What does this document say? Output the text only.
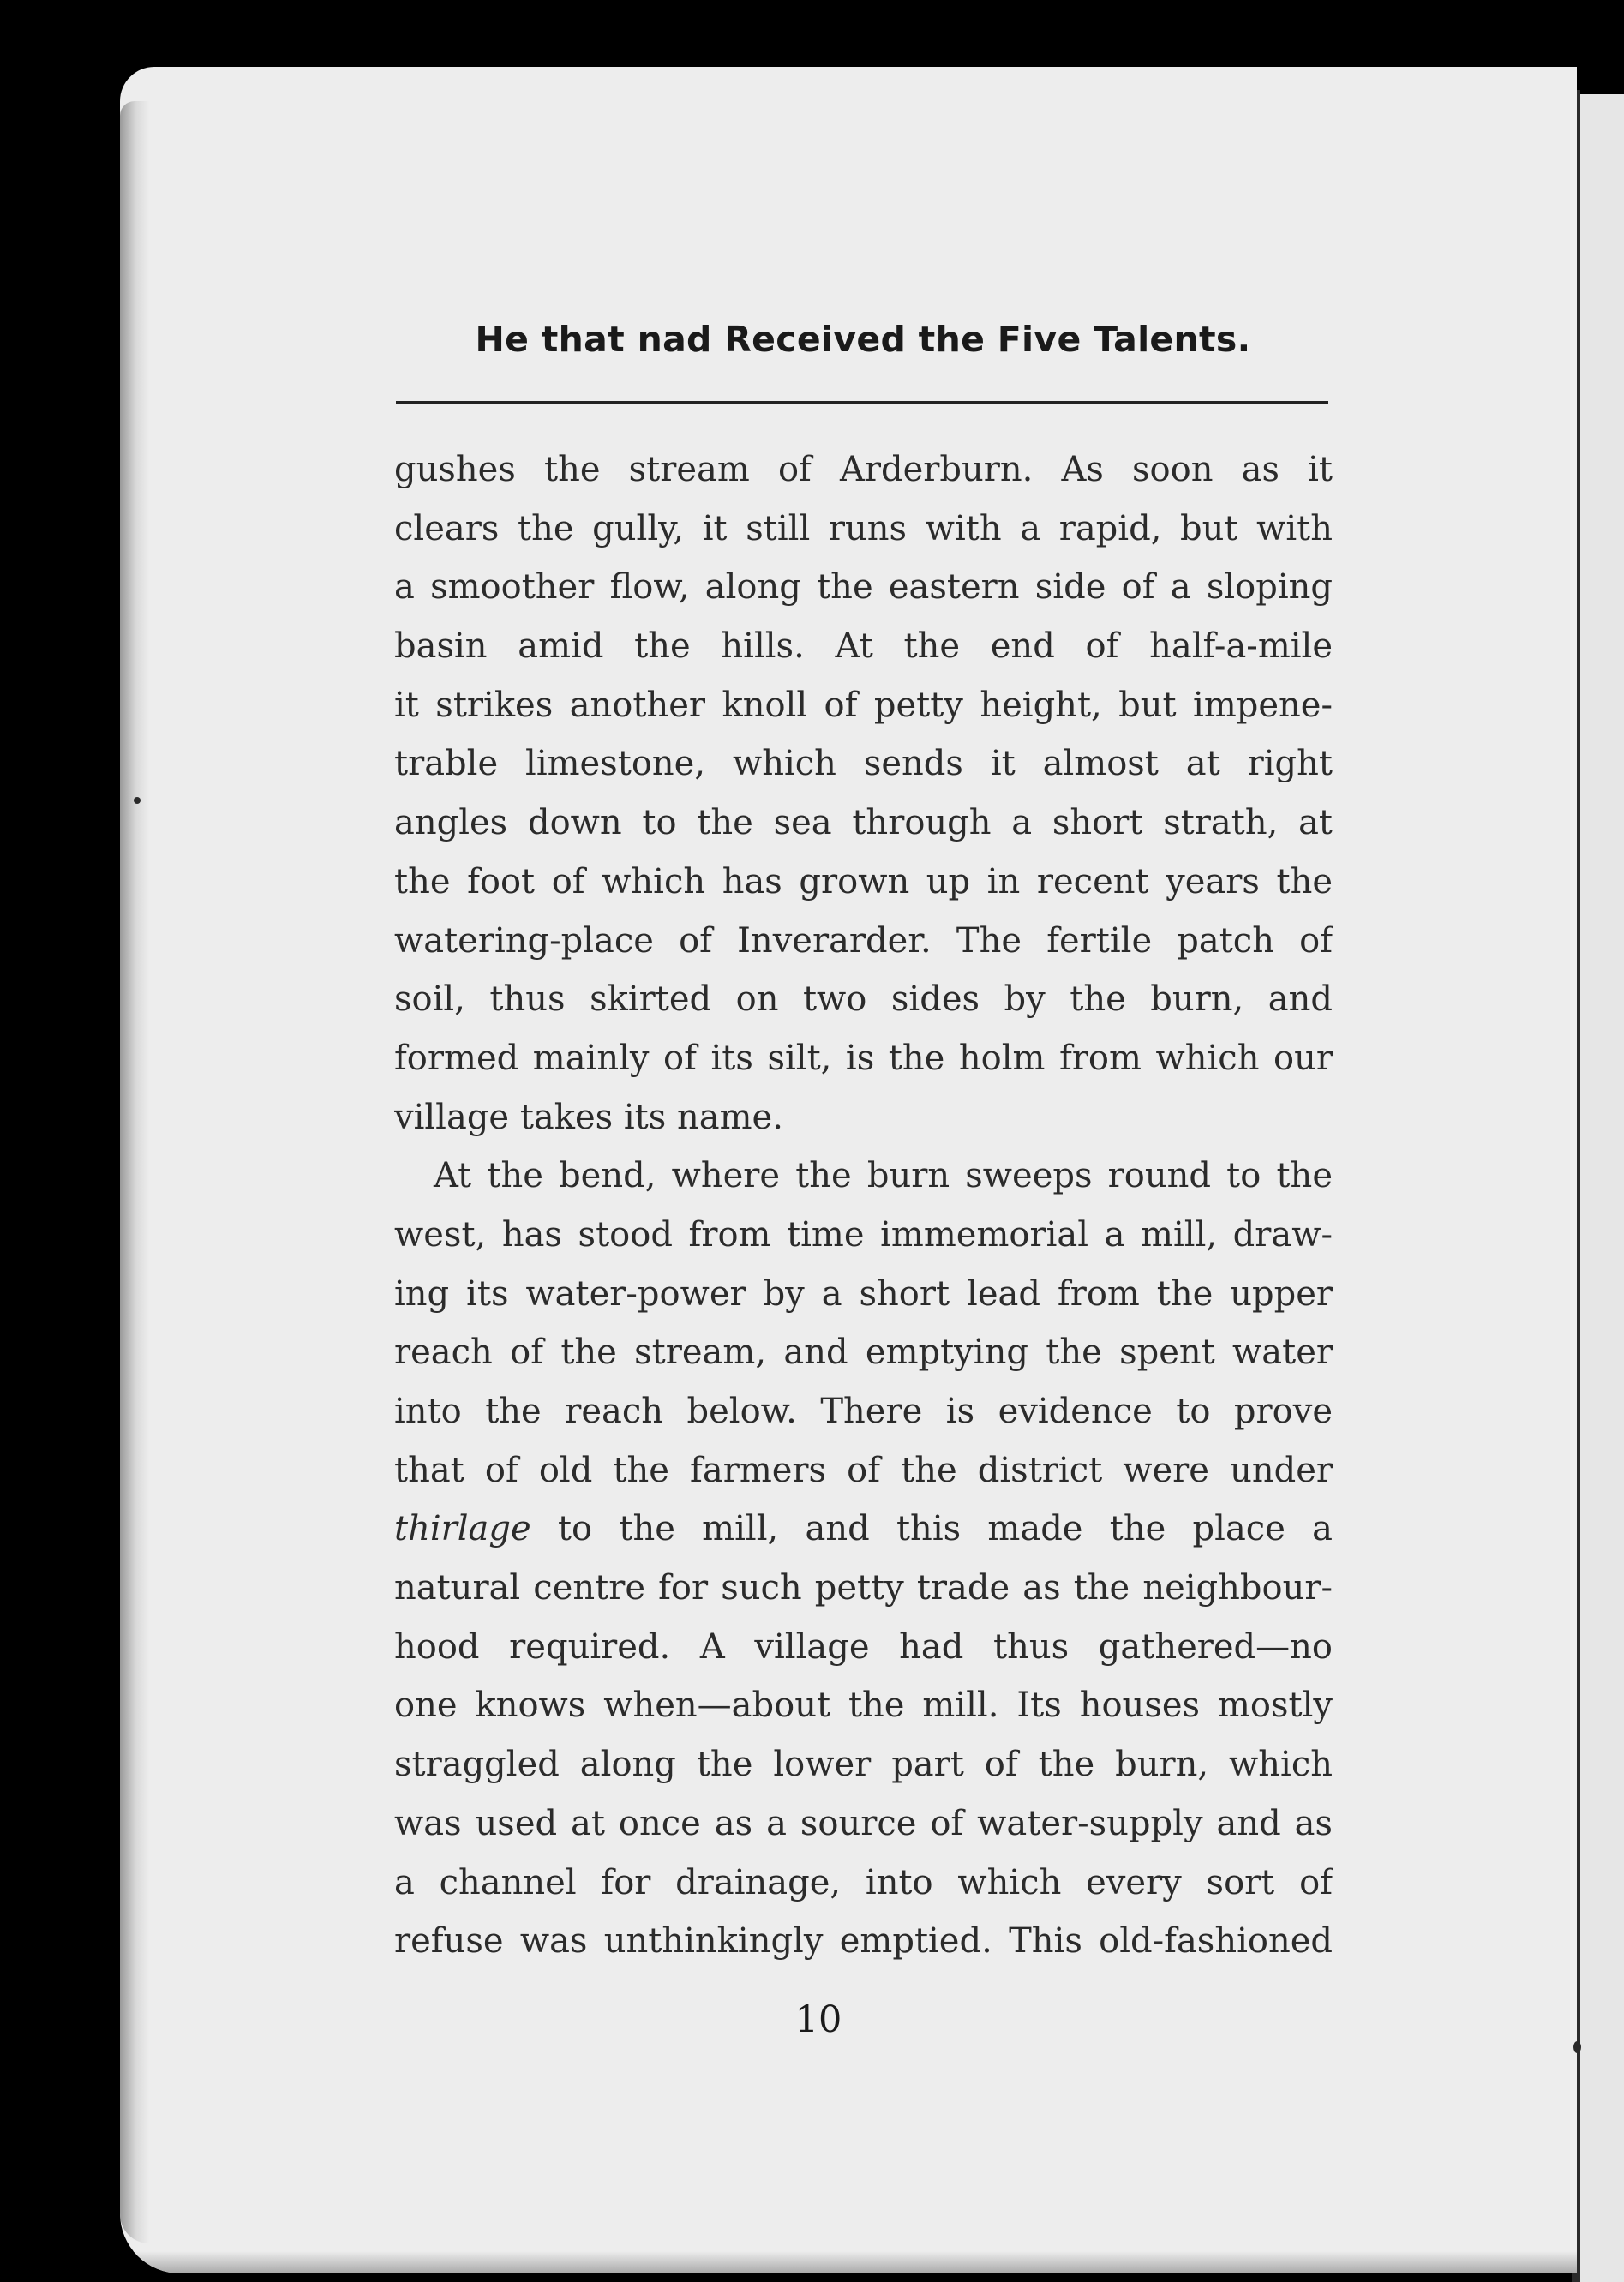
He that nad Received the Five Talents.
gushes the stream of Arderburn. As soon as it
clears the gully, it still runs with a rapid, but with
a smoother flow, along the eastern side of a sloping
basin amid the hills. At the end of half-a-mile
it strikes another knoll of petty height, but impene-
trable limestone, which sends it almost at right
angles down to the sea through a short strath, at
the foot of which has grown up in recent years the
watering-place of Inverarder. The fertile patch of
soil, thus skirted on two sides by the burn, and
formed mainly of its silt, is the holm from which our
village takes its name.
At the bend, where the burn sweeps round to the
west, has stood from time immemorial a mill, draw-
ing its water-power by a short lead from the upper
reach of the stream, and emptying the spent water
into the reach below. There is evidence to prove
that of old the farmers of the district were under
thirlage to the mill, and this made the place a
natural centre for such petty trade as the neighbour-
hood required. A village had thus gathered—no
one knows when—about the mill. Its houses mostly
straggled along the lower part of the burn, which
was used at once as a source of water-supply and as
a channel for drainage, into which every sort of
refuse was unthinkingly emptied. This old-fashioned

10
